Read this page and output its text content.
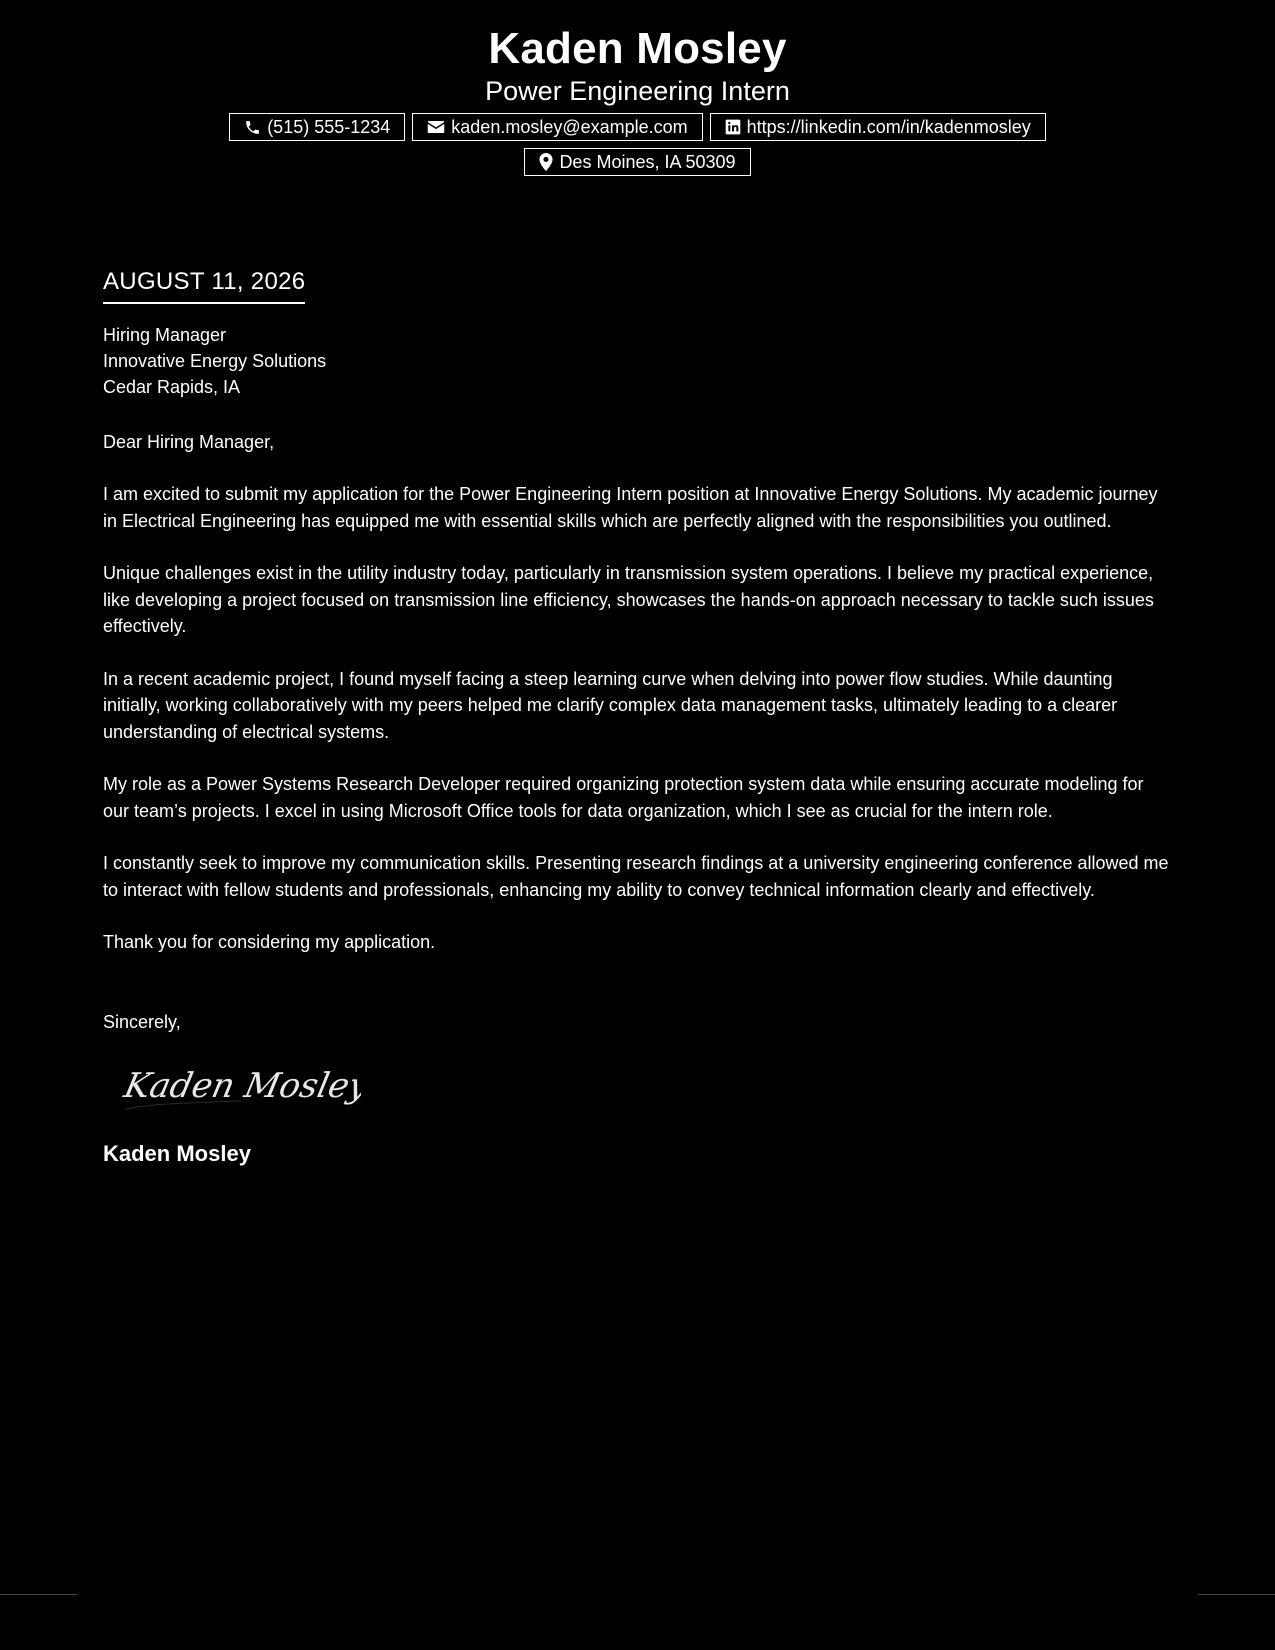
Kaden Mosley
Power Engineering Intern
(515) 555-1234	kaden.mosley@example.com	https://linkedin.com/in/kadenmosley
Des Moines, IA 50309
AUGUST 11, 2026
Hiring Manager
Innovative Energy Solutions
Cedar Rapids, IA
Dear Hiring Manager,
I am excited to submit my application for the Power Engineering Intern position at Innovative Energy Solutions. My academic journey in Electrical Engineering has equipped me with essential skills which are perfectly aligned with the responsibilities you outlined.
Unique challenges exist in the utility industry today, particularly in transmission system operations. I believe my practical experience, like developing a project focused on transmission line efficiency, showcases the hands-on approach necessary to tackle such issues effectively.
In a recent academic project, I found myself facing a steep learning curve when delving into power flow studies. While daunting initially, working collaboratively with my peers helped me clarify complex data management tasks, ultimately leading to a clearer understanding of electrical systems.
My role as a Power Systems Research Developer required organizing protection system data while ensuring accurate modeling for our team’s projects. I excel in using Microsoft Office tools for data organization, which I see as crucial for the intern role.
I constantly seek to improve my communication skills. Presenting research findings at a university engineering conference allowed me to interact with fellow students and professionals, enhancing my ability to convey technical information clearly and effectively.
Thank you for considering my application.
Sincerely,
Kaden Mosley
Kaden Mosley
